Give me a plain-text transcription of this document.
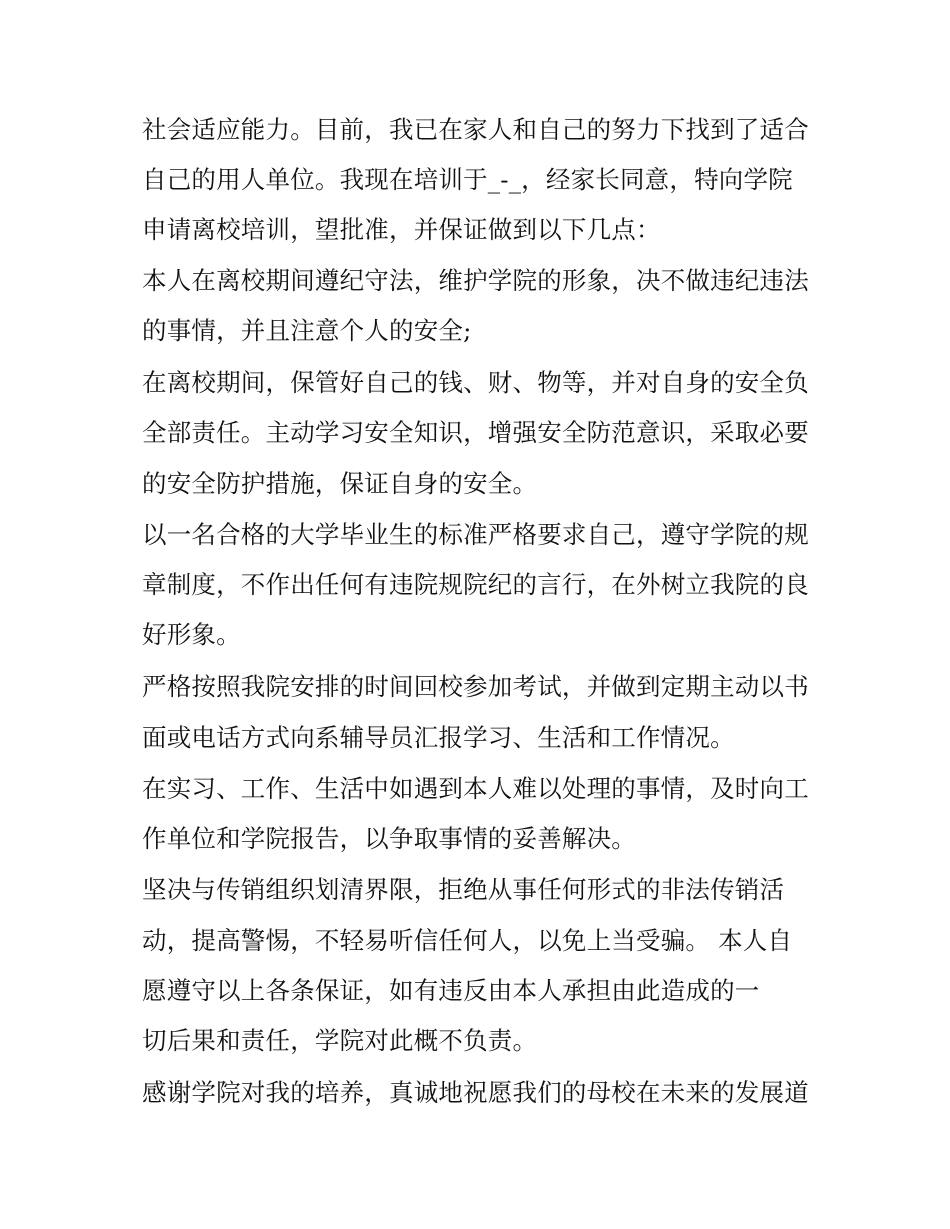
社会适应能力。目前，我已在家人和自己的努力下找到了适合
自己的用人单位。我现在培训于_-_，经家长同意，特向学院
申请离校培训，望批准，并保证做到以下几点：
本人在离校期间遵纪守法，维护学院的形象，决不做违纪违法
的事情，并且注意个人的安全;
在离校期间，保管好自己的钱、财、物等，并对自身的安全负
全部责任。主动学习安全知识，增强安全防范意识，采取必要
的安全防护措施，保证自身的安全。
以一名合格的大学毕业生的标准严格要求自己，遵守学院的规
章制度，不作出任何有违院规院纪的言行，在外树立我院的良
好形象。
严格按照我院安排的时间回校参加考试，并做到定期主动以书
面或电话方式向系辅导员汇报学习、生活和工作情况。
在实习、工作、生活中如遇到本人难以处理的事情，及时向工
作单位和学院报告，以争取事情的妥善解决。
坚决与传销组织划清界限，拒绝从事任何形式的非法传销活
动，提高警惕，不轻易听信任何人，以免上当受骗。 本人自
愿遵守以上各条保证，如有违反由本人承担由此造成的一
切后果和责任，学院对此概不负责。
感谢学院对我的培养，真诚地祝愿我们的母校在未来的发展道
